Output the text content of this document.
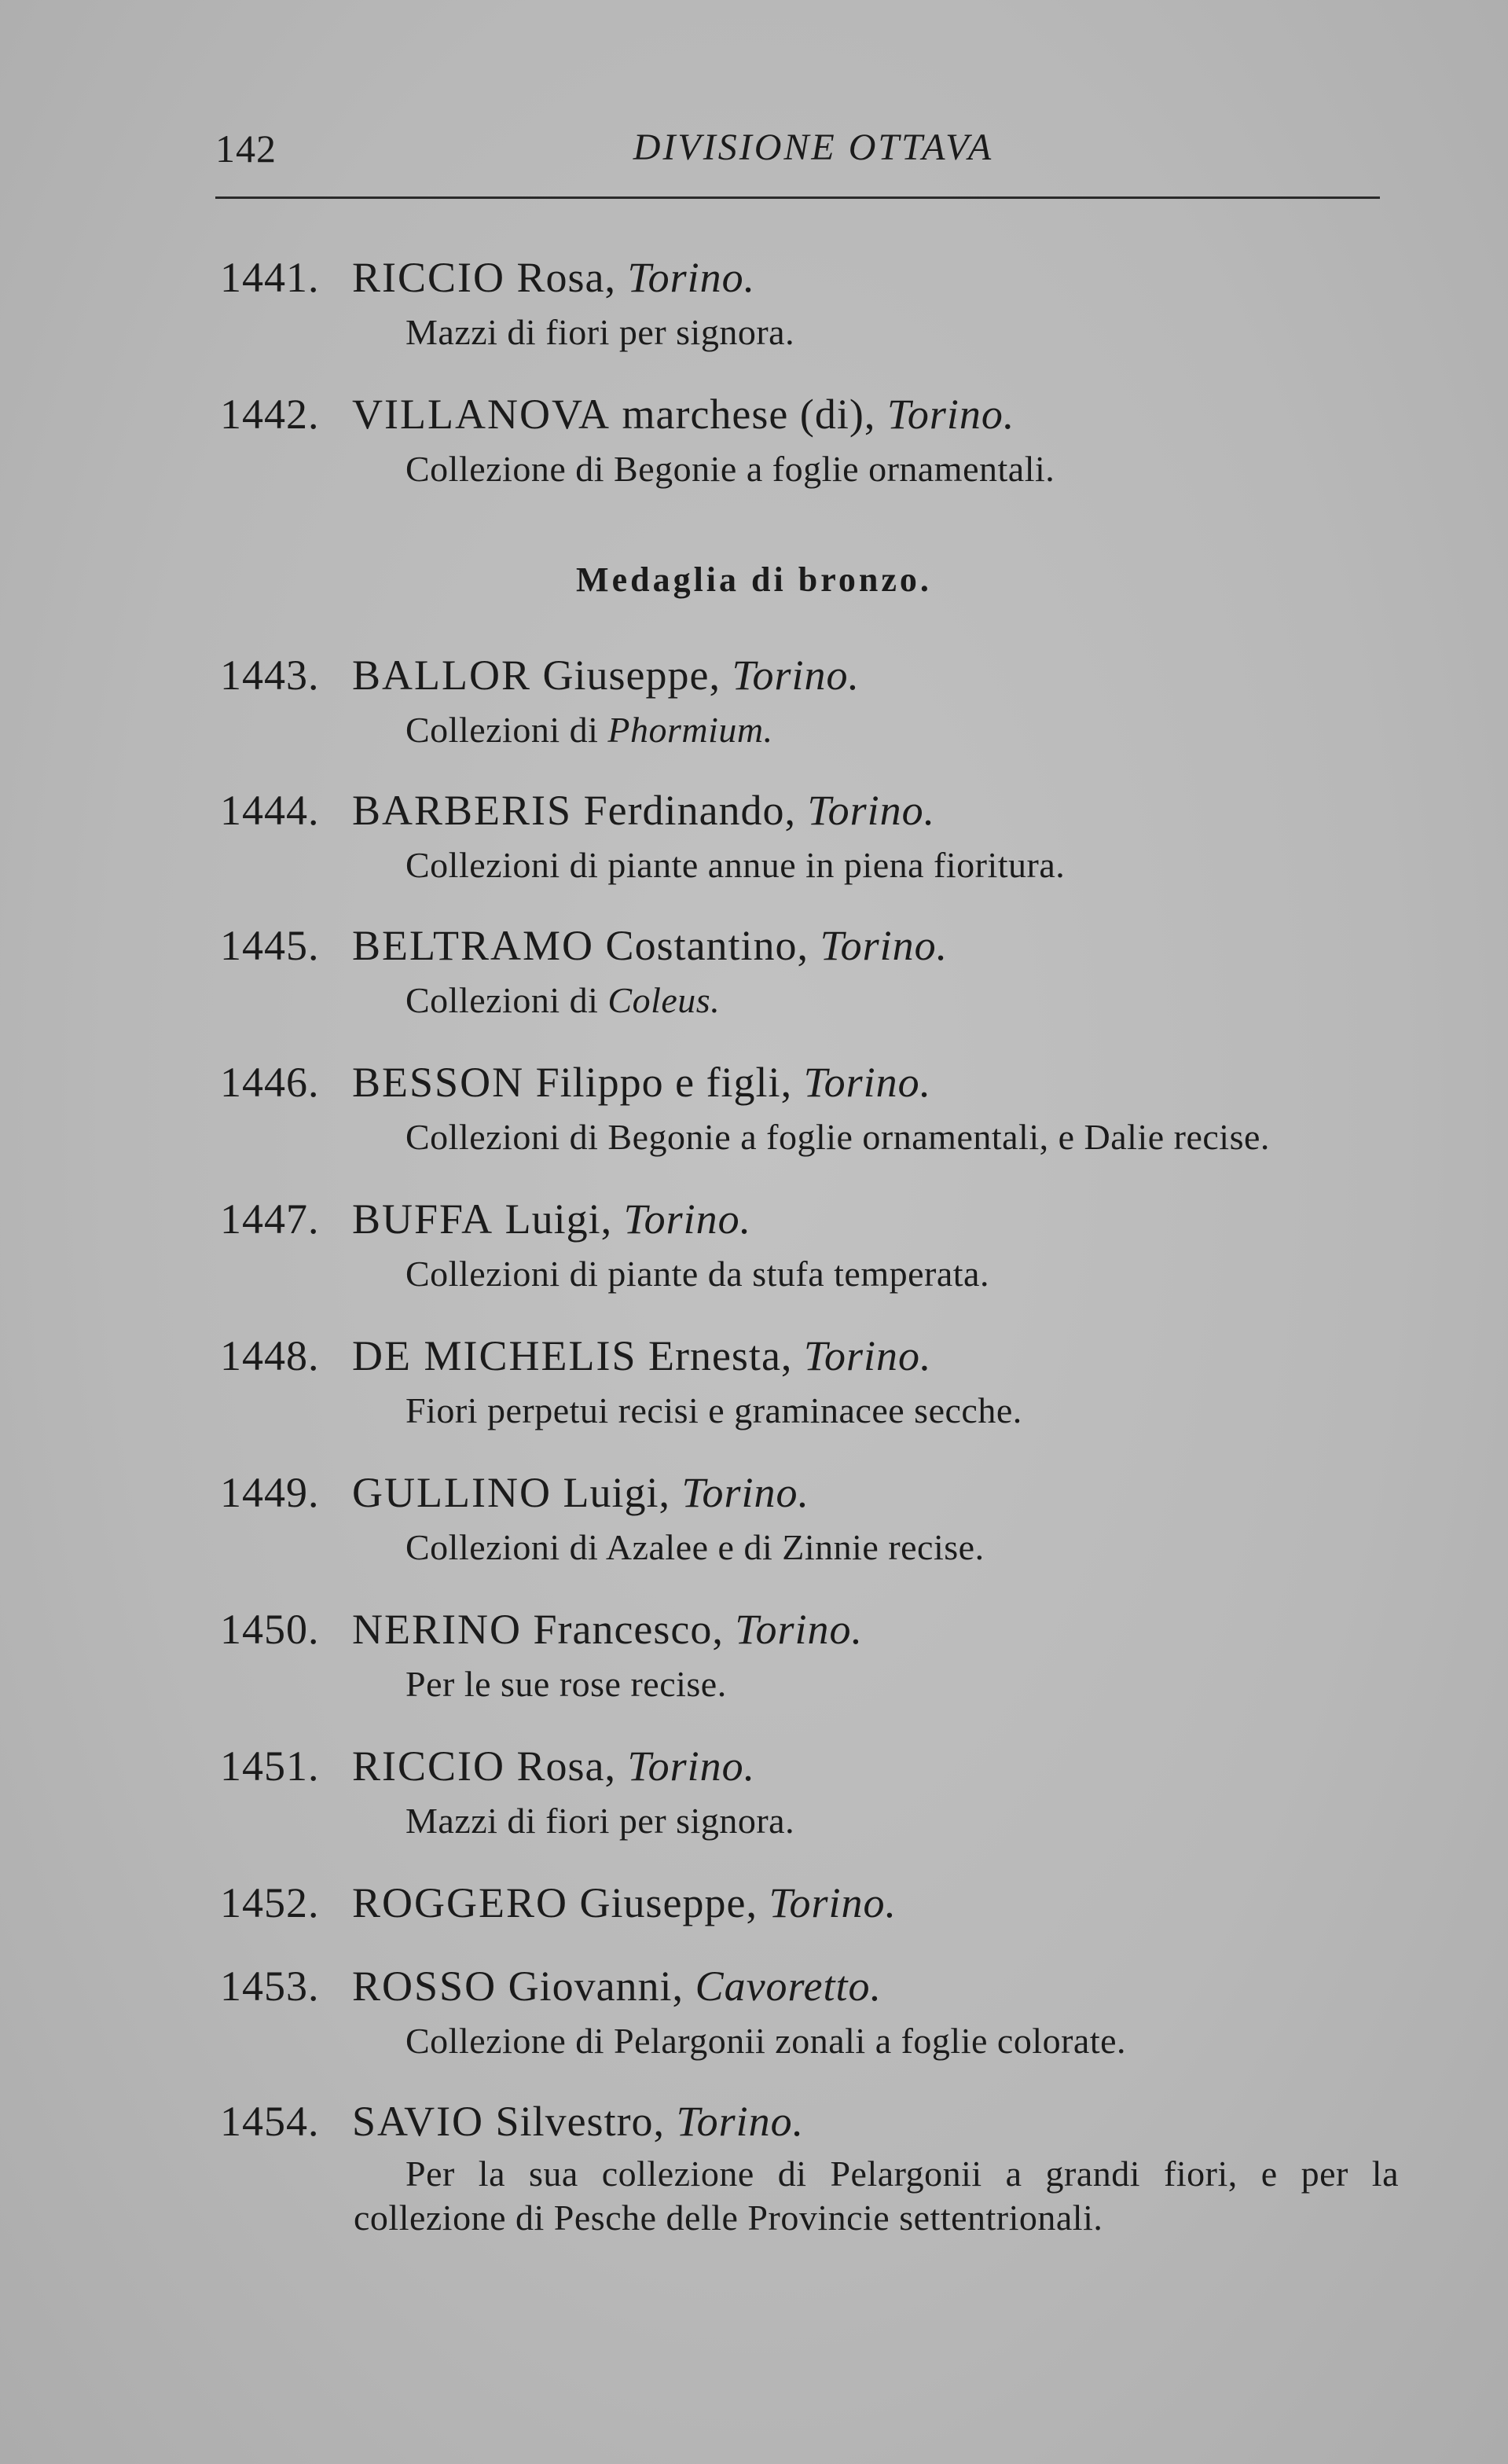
142	DIVISIONE OTTAVA
1441. RICCIO Rosa, Torino.
Mazzi di fiori per signora.
1442. VILLANOVA marchese (di), Torino.
Collezione di Begonie a foglie ornamentali.
Medaglia di bronzo.
1443. BALLOR Giuseppe, Torino.
Collezioni di Phormium.
1444. BARBERIS Ferdinando, Torino.
Collezioni di piante annue in piena fioritura.
1445. BELTRAMO Costantino, Torino.
Collezioni di Coleus.
1446. BESSON Filippo e figli, Torino.
Collezioni di Begonie a foglie ornamentali, e Dalie recise.
1447. BUFFA Luigi, Torino.
Collezioni di piante da stufa temperata.
1448. DE MICHELIS Ernesta, Torino.
Fiori perpetui recisi e graminacee secche.
1449. GULLINO Luigi, Torino.
Collezioni di Azalee e di Zinnie recise.
1450. NERINO Francesco, Torino.
Per le sue rose recise.
1451. RICCIO Rosa, Torino.
Mazzi di fiori per signora.
1452. ROGGERO Giuseppe, Torino.
1453. ROSSO Giovanni, Cavoretto.
Collezione di Pelargonii zonali a foglie colorate.
1454. SAVIO Silvestro, Torino.
Per la sua collezione di Pelargonii a grandi fiori, e per la collezione di Pesche delle Provincie settentrionali.
